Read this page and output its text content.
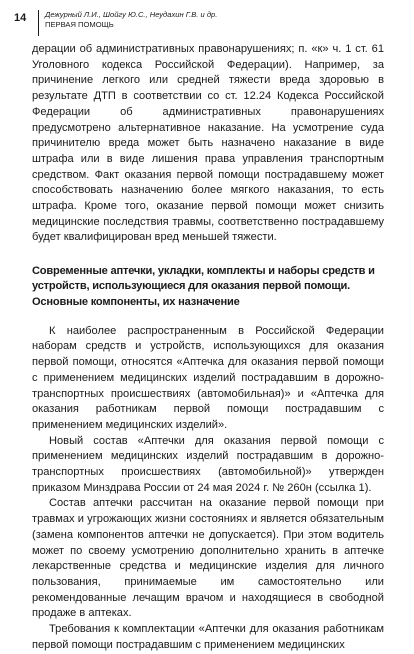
14 Дежурный Л.И., Шойгу Ю.С., Неудахин Г.В. и др.
ПЕРВАЯ ПОМОЩЬ

дерации об административных правонарушениях; п. «к» ч. 1 ст. 61 Уголовного кодекса Российской Федерации). Например, за причинение легкого или средней тяжести вреда здоровью в результате ДТП в соответствии со ст. 12.24 Кодекса Российской Федерации об административных правонарушениях предусмотрено альтернативное наказание. На усмотрение суда причинителю вреда может быть назначено наказание в виде штрафа или в виде лишения права управления транспортным средством. Факт оказания первой помощи пострадавшему может способствовать назначению более мягкого наказания, то есть штрафа. Кроме того, оказание первой помощи может снизить медицинские последствия травмы, соответственно пострадавшему будет квалифицирован вред меньшей тяжести.

Современные аптечки, укладки, комплекты и наборы средств и устройств, использующиеся для оказания первой помощи. Основные компоненты, их назначение

К наиболее распространенным в Российской Федерации наборам средств и устройств, использующихся для оказания первой помощи, относятся «Аптечка для оказания первой помощи с применением медицинских изделий пострадавшим в дорожно-транспортных происшествиях (автомобильная)» и «Аптечка для оказания работникам первой помощи пострадавшим с применением медицинских изделий».

Новый состав «Аптечки для оказания первой помощи с применением медицинских изделий пострадавшим в дорожно-транспортных происшествиях (автомобильной)» утвержден приказом Минздрава России от 24 мая 2024 г. № 260н (ссылка 1).

Состав аптечки рассчитан на оказание первой помощи при травмах и угрожающих жизни состояниях и является обязательным (замена компонентов аптечки не допускается). При этом водитель может по своему усмотрению дополнительно хранить в аптечке лекарственные средства и медицинские изделия для личного пользования, принимаемые им самостоятельно или рекомендованные лечащим врачом и находящиеся в свободной продаже в аптеках.

Требования к комплектации «Аптечки для оказания работникам первой помощи пострадавшим с применением медицинских
